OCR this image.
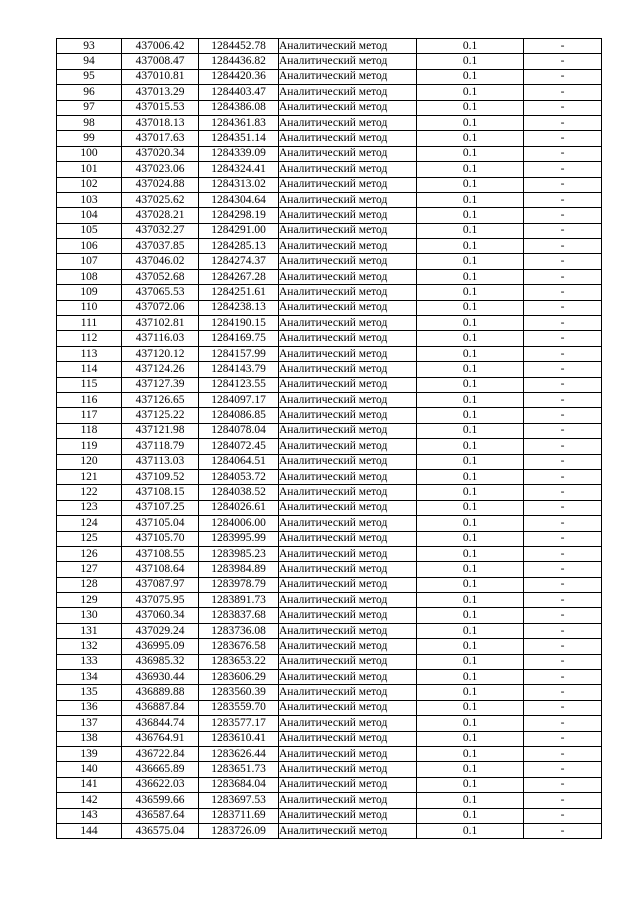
93	437006.42	1284452.78	Аналитический метод	0.1	-
94	437008.47	1284436.82	Аналитический метод	0.1	-
95	437010.81	1284420.36	Аналитический метод	0.1	-
96	437013.29	1284403.47	Аналитический метод	0.1	-
97	437015.53	1284386.08	Аналитический метод	0.1	-
98	437018.13	1284361.83	Аналитический метод	0.1	-
99	437017.63	1284351.14	Аналитический метод	0.1	-
100	437020.34	1284339.09	Аналитический метод	0.1	-
101	437023.06	1284324.41	Аналитический метод	0.1	-
102	437024.88	1284313.02	Аналитический метод	0.1	-
103	437025.62	1284304.64	Аналитический метод	0.1	-
104	437028.21	1284298.19	Аналитический метод	0.1	-
105	437032.27	1284291.00	Аналитический метод	0.1	-
106	437037.85	1284285.13	Аналитический метод	0.1	-
107	437046.02	1284274.37	Аналитический метод	0.1	-
108	437052.68	1284267.28	Аналитический метод	0.1	-
109	437065.53	1284251.61	Аналитический метод	0.1	-
110	437072.06	1284238.13	Аналитический метод	0.1	-
111	437102.81	1284190.15	Аналитический метод	0.1	-
112	437116.03	1284169.75	Аналитический метод	0.1	-
113	437120.12	1284157.99	Аналитический метод	0.1	-
114	437124.26	1284143.79	Аналитический метод	0.1	-
115	437127.39	1284123.55	Аналитический метод	0.1	-
116	437126.65	1284097.17	Аналитический метод	0.1	-
117	437125.22	1284086.85	Аналитический метод	0.1	-
118	437121.98	1284078.04	Аналитический метод	0.1	-
119	437118.79	1284072.45	Аналитический метод	0.1	-
120	437113.03	1284064.51	Аналитический метод	0.1	-
121	437109.52	1284053.72	Аналитический метод	0.1	-
122	437108.15	1284038.52	Аналитический метод	0.1	-
123	437107.25	1284026.61	Аналитический метод	0.1	-
124	437105.04	1284006.00	Аналитический метод	0.1	-
125	437105.70	1283995.99	Аналитический метод	0.1	-
126	437108.55	1283985.23	Аналитический метод	0.1	-
127	437108.64	1283984.89	Аналитический метод	0.1	-
128	437087.97	1283978.79	Аналитический метод	0.1	-
129	437075.95	1283891.73	Аналитический метод	0.1	-
130	437060.34	1283837.68	Аналитический метод	0.1	-
131	437029.24	1283736.08	Аналитический метод	0.1	-
132	436995.09	1283676.58	Аналитический метод	0.1	-
133	436985.32	1283653.22	Аналитический метод	0.1	-
134	436930.44	1283606.29	Аналитический метод	0.1	-
135	436889.88	1283560.39	Аналитический метод	0.1	-
136	436887.84	1283559.70	Аналитический метод	0.1	-
137	436844.74	1283577.17	Аналитический метод	0.1	-
138	436764.91	1283610.41	Аналитический метод	0.1	-
139	436722.84	1283626.44	Аналитический метод	0.1	-
140	436665.89	1283651.73	Аналитический метод	0.1	-
141	436622.03	1283684.04	Аналитический метод	0.1	-
142	436599.66	1283697.53	Аналитический метод	0.1	-
143	436587.64	1283711.69	Аналитический метод	0.1	-
144	436575.04	1283726.09	Аналитический метод	0.1	-
